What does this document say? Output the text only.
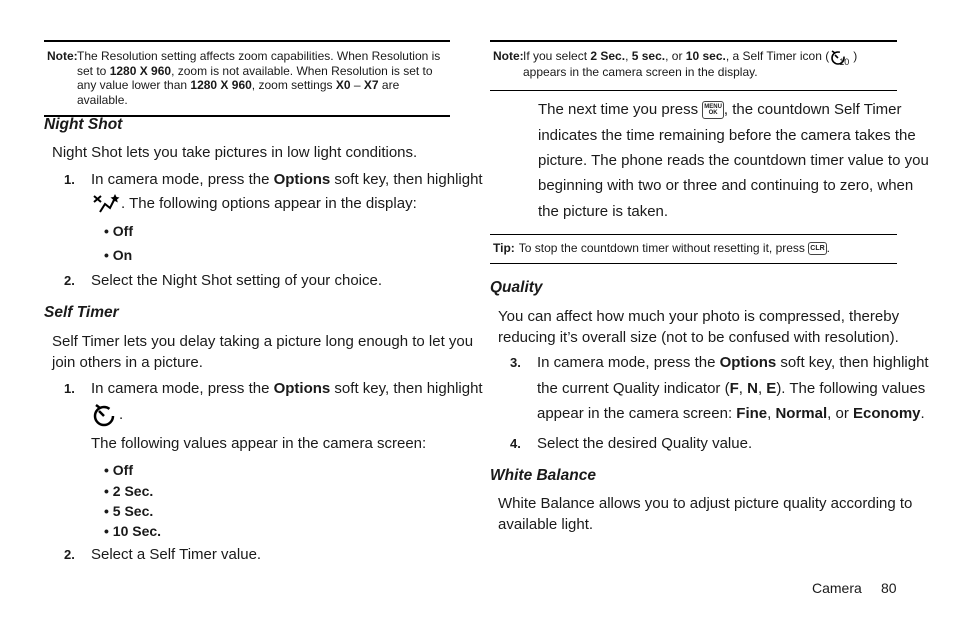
Note: The Resolution setting affects zoom capabilities. When Resolution is set to 1280 X 960, zoom is not available. When Resolution is set to any value lower than 1280 X 960, zoom settings X0 – X7 are available.
Night Shot
Night Shot lets you take pictures in low light conditions.
1. In camera mode, press the Options soft key, then highlight
. The following options appear in the display:
• Off
• On
2. Select the Night Shot setting of your choice.
Self Timer
Self Timer lets you delay taking a picture long enough to let you
join others in a picture.
1. In camera mode, press the Options soft key, then highlight
.
The following values appear in the camera screen:
• Off
• 2 Sec.
• 5 Sec.
• 10 Sec.
2. Select a Self Timer value.
Note: If you select 2 Sec., 5 sec., or 10 sec., a Self Timer icon ( 10 ) appears in the camera screen in the display.
The next time you press MENU
OK , the countdown Self Timer
indicates the time remaining before the camera takes the
picture. The phone reads the countdown timer value to you
beginning with two or three and continuing to zero, when
the picture is taken.
Tip: To stop the countdown timer without resetting it, press CLR .
Quality
You can affect how much your photo is compressed, thereby
reducing it’s overall size (not to be confused with resolution).
3. In camera mode, press the Options soft key, then highlight
the current Quality indicator (F, N, E). The following values
appear in the camera screen: Fine, Normal, or Economy.
4. Select the desired Quality value.
White Balance
White Balance allows you to adjust picture quality according to
available light.
Camera 80
